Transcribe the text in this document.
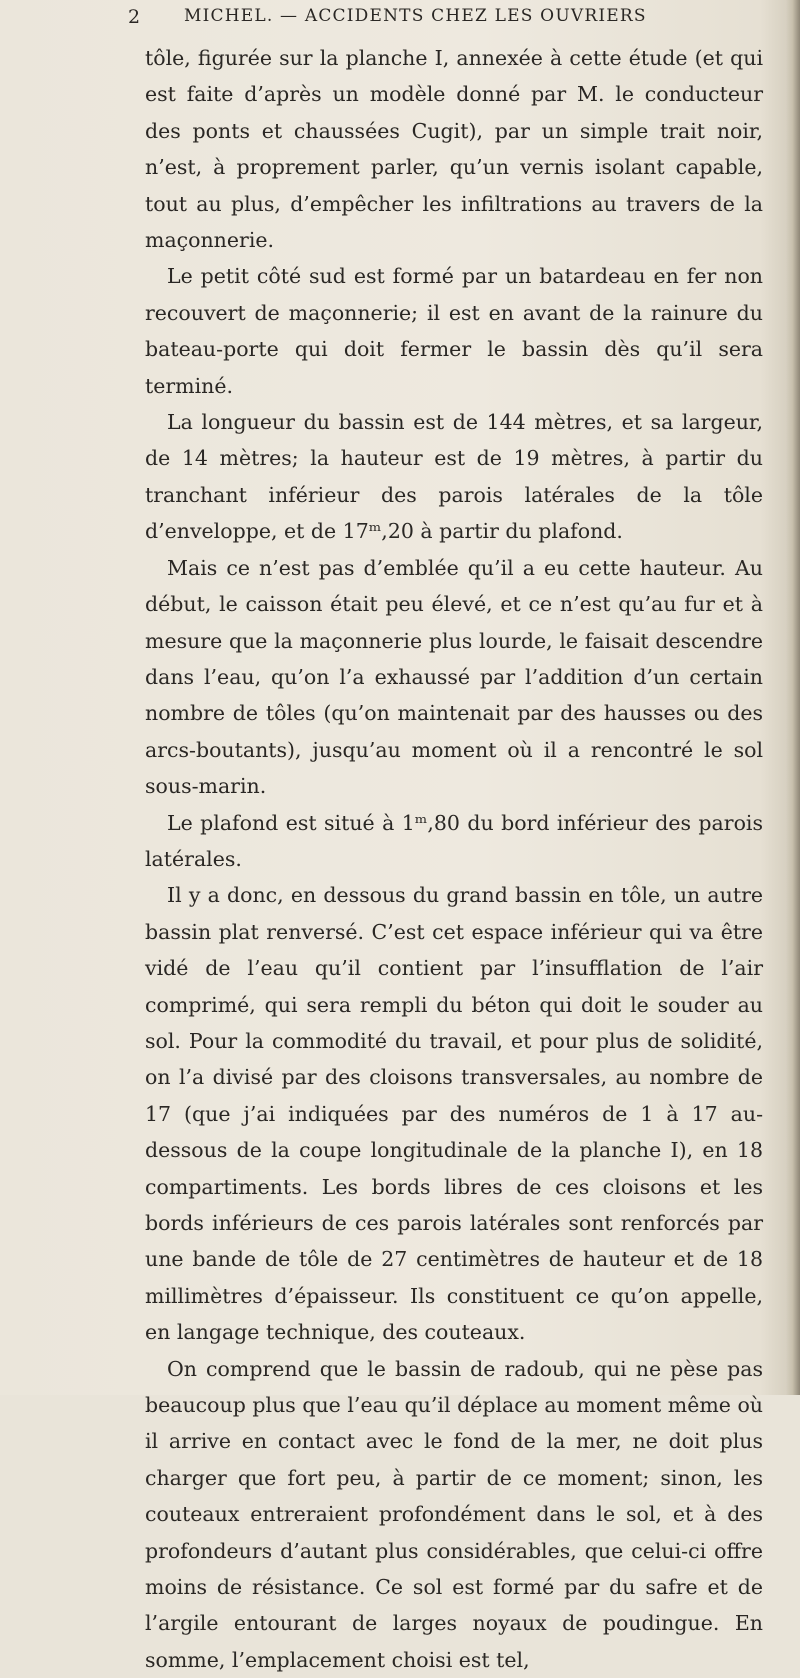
2	MICHEL. — ACCIDENTS CHEZ LES OUVRIERS

tôle, figurée sur la planche I, annexée à cette étude (et qui est faite d’après un modèle donné par M. le conducteur des ponts et chaussées Cugit), par un simple trait noir, n’est, à proprement parler, qu’un vernis isolant capable, tout au plus, d’empêcher les infiltrations au travers de la maçonnerie.

Le petit côté sud est formé par un batardeau en fer non recouvert de maçonnerie; il est en avant de la rainure du bateau-porte qui doit fermer le bassin dès qu’il sera terminé.

La longueur du bassin est de 144 mètres, et sa largeur, de 14 mètres; la hauteur est de 19 mètres, à partir du tranchant inférieur des parois latérales de la tôle d’enveloppe, et de 17ᵐ,20 à partir du plafond.

Mais ce n’est pas d’emblée qu’il a eu cette hauteur. Au début, le caisson était peu élevé, et ce n’est qu’au fur et à mesure que la maçonnerie plus lourde, le faisait descendre dans l’eau, qu’on l’a exhaussé par l’addition d’un certain nombre de tôles (qu’on maintenait par des hausses ou des arcs-boutants), jusqu’au moment où il a rencontré le sol sous-marin.

Le plafond est situé à 1ᵐ,80 du bord inférieur des parois latérales.

Il y a donc, en dessous du grand bassin en tôle, un autre bassin plat renversé. C’est cet espace inférieur qui va être vidé de l’eau qu’il contient par l’insufflation de l’air comprimé, qui sera rempli du béton qui doit le souder au sol. Pour la commodité du travail, et pour plus de solidité, on l’a divisé par des cloisons transversales, au nombre de 17 (que j’ai indiquées par des numéros de 1 à 17 au-dessous de la coupe longitudinale de la planche I), en 18 compartiments. Les bords libres de ces cloisons et les bords inférieurs de ces parois latérales sont renforcés par une bande de tôle de 27 centimètres de hauteur et de 18 millimètres d’épaisseur. Ils constituent ce qu’on appelle, en langage technique, des couteaux.

On comprend que le bassin de radoub, qui ne pèse pas beaucoup plus que l’eau qu’il déplace au moment même où il arrive en contact avec le fond de la mer, ne doit plus charger que fort peu, à partir de ce moment; sinon, les couteaux entreraient profondément dans le sol, et à des profondeurs d’autant plus considérables, que celui-ci offre moins de résistance. Ce sol est formé par du safre et de l’argile entourant de larges noyaux de poudingue. En somme, l’emplacement choisi est tel,
